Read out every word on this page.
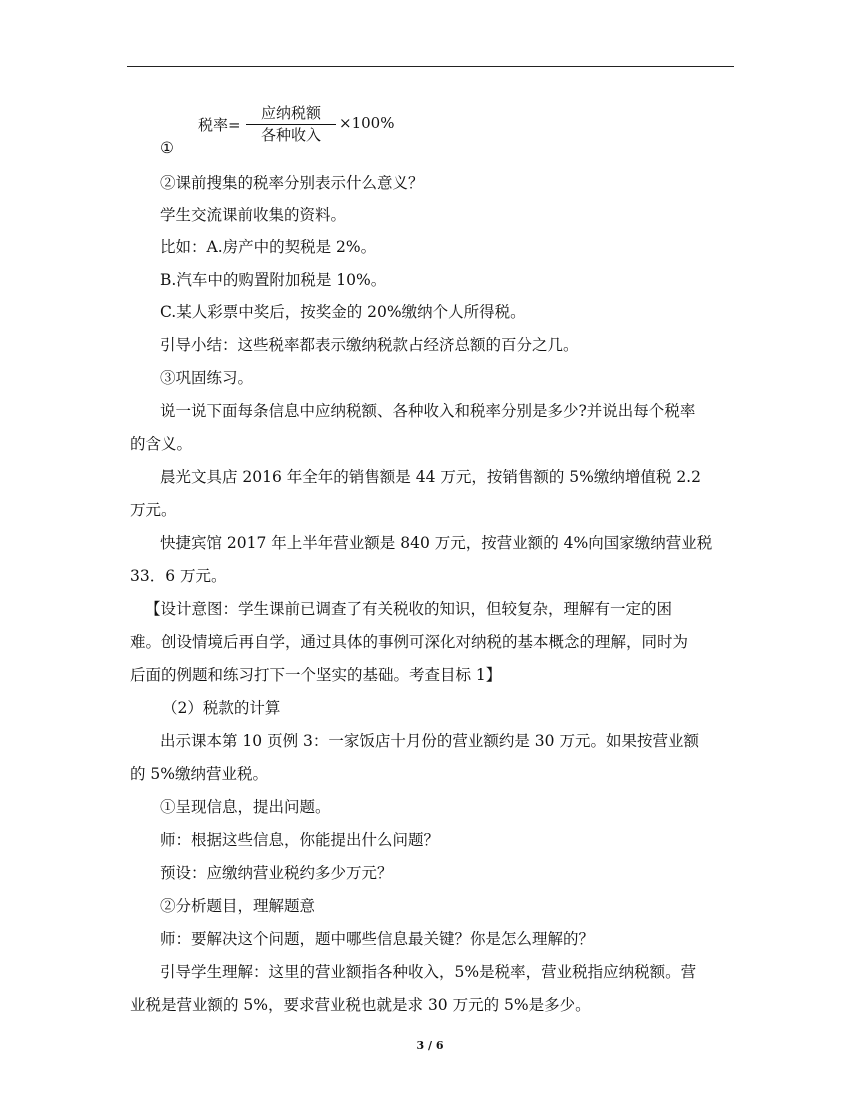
税率=
应纳税额
各种收入
×100%
①
②课前搜集的税率分别表示什么意义？
学生交流课前收集的资料。
比如：A.房产中的契税是 2%。
B.汽车中的购置附加税是 10%。
C.某人彩票中奖后，按奖金的 20%缴纳个人所得税。
引导小结：这些税率都表示缴纳税款占经济总额的百分之几。
③巩固练习。
说一说下面每条信息中应纳税额、各种收入和税率分别是多少?并说出每个税率
的含义。
晨光文具店 2016 年全年的销售额是 44 万元，按销售额的 5%缴纳增值税 2.2
万元。
快捷宾馆 2017 年上半年营业额是 840 万元，按营业额的 4%向国家缴纳营业税
33．6 万元。
【设计意图：学生课前已调查了有关税收的知识，但较复杂，理解有一定的困
难。创设情境后再自学，通过具体的事例可深化对纳税的基本概念的理解，同时为
后面的例题和练习打下一个坚实的基础。考查目标 1】
（2）税款的计算
出示课本第 10 页例 3：一家饭店十月份的营业额约是 30 万元。如果按营业额
的 5%缴纳营业税。
①呈现信息，提出问题。
师：根据这些信息，你能提出什么问题？
预设：应缴纳营业税约多少万元？
②分析题目，理解题意
师：要解决这个问题，题中哪些信息最关键？你是怎么理解的？
引导学生理解：这里的营业额指各种收入，5%是税率，营业税指应纳税额。营
业税是营业额的 5%，要求营业税也就是求 30 万元的 5%是多少。
3 / 6
